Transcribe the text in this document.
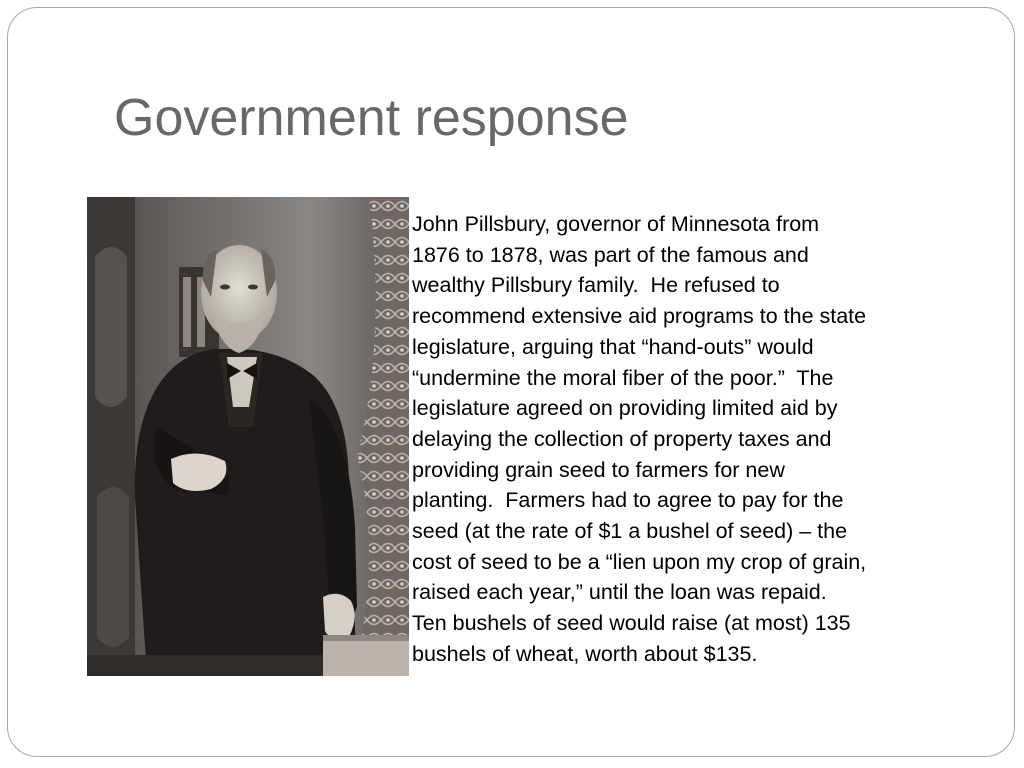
Government response
John Pillsbury, governor of Minnesota from
1876 to 1878, was part of the famous and
wealthy Pillsbury family.  He refused to
recommend extensive aid programs to the state
legislature, arguing that “hand-outs” would
“undermine the moral fiber of the poor.”  The
legislature agreed on providing limited aid by
delaying the collection of property taxes and
providing grain seed to farmers for new
planting.  Farmers had to agree to pay for the
seed (at the rate of $1 a bushel of seed) – the
cost of seed to be a “lien upon my crop of grain,
raised each year,” until the loan was repaid.
Ten bushels of seed would raise (at most) 135
bushels of wheat, worth about $135.
